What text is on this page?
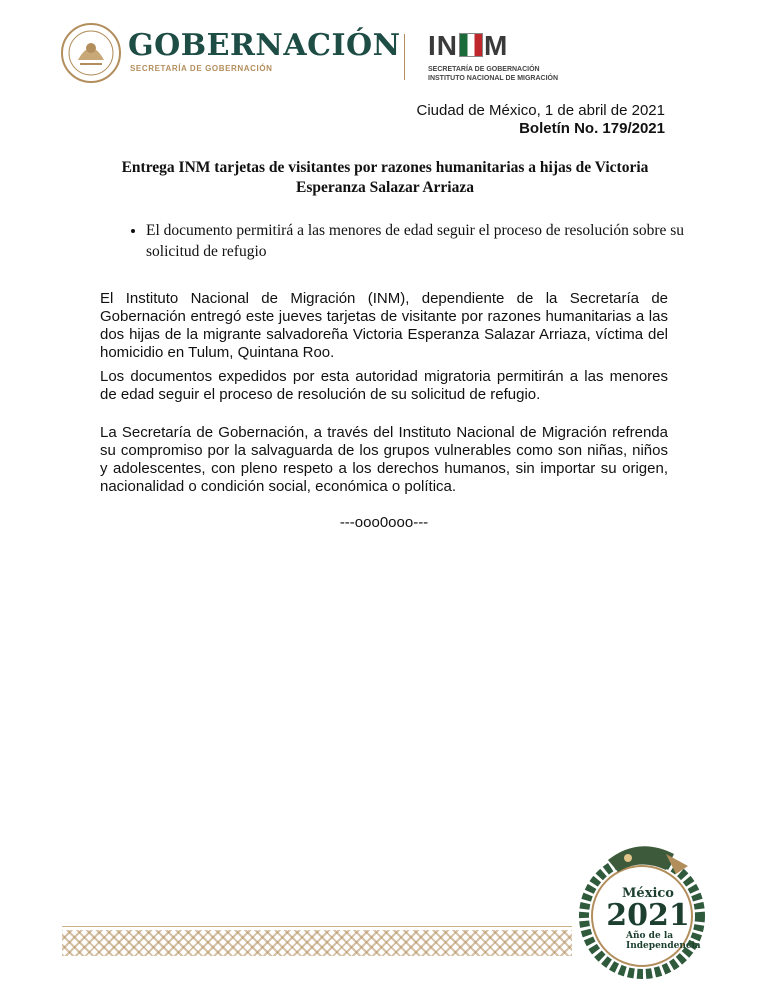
GOBERNACIÓN
SECRETARÍA DE GOBERNACIÓN
IN M
SECRETARÍA DE GOBERNACIÓN
INSTITUTO NACIONAL DE MIGRACIÓN
Ciudad de México, 1 de abril de 2021
Boletín No. 179/2021
Entrega INM tarjetas de visitantes por razones humanitarias a hijas de Victoria Esperanza Salazar Arriaza
• El documento permitirá a las menores de edad seguir el proceso de resolución sobre su solicitud de refugio

El Instituto Nacional de Migración (INM), dependiente de la Secretaría de Gobernación entregó este jueves tarjetas de visitante por razones humanitarias a las dos hijas de la migrante salvadoreña Victoria Esperanza Salazar Arriaza, víctima del homicidio en Tulum, Quintana Roo.

Los documentos expedidos por esta autoridad migratoria permitirán a las menores de edad seguir el proceso de resolución de su solicitud de refugio.

La Secretaría de Gobernación, a través del Instituto Nacional de Migración refrenda su compromiso por la salvaguarda de los grupos vulnerables como son niñas, niños y adolescentes, con pleno respeto a los derechos humanos, sin importar su origen, nacionalidad o condición social, económica o política.

---ooo0ooo---
México
2021
Año de la
Independencia
